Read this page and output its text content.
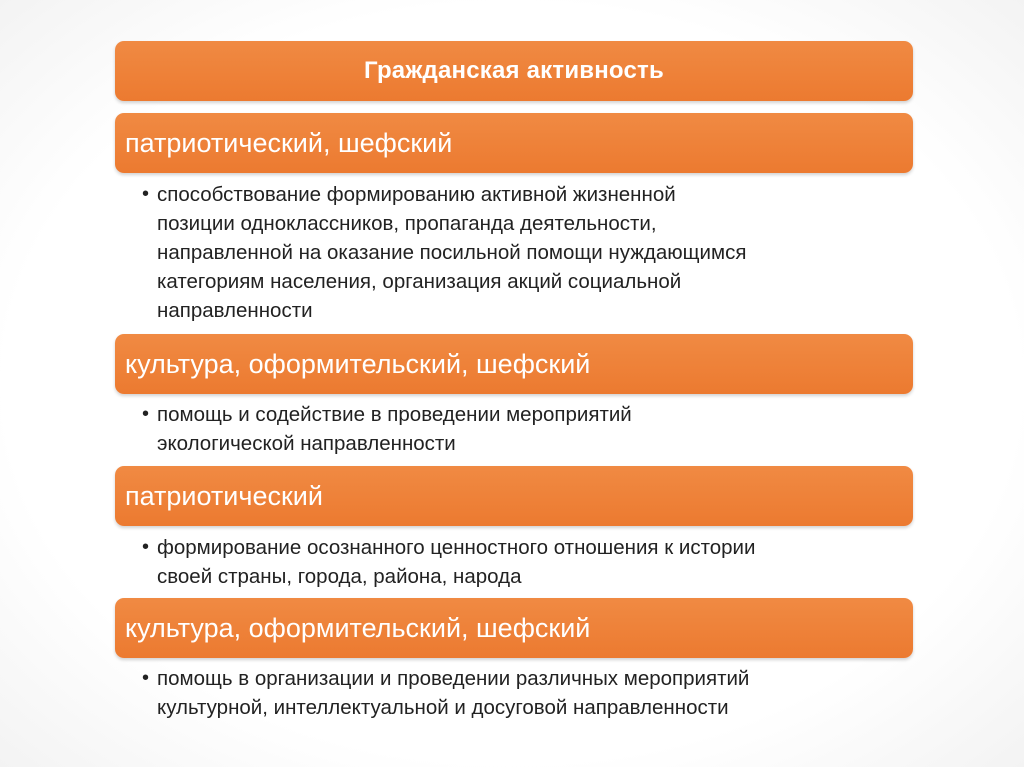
Гражданская активность
патриотический, шефский
• способствование формированию активной жизненной
позиции одноклассников, пропаганда деятельности,
направленной на оказание посильной помощи нуждающимся
категориям населения, организация акций социальной
направленности
культура, оформительский, шефский
• помощь и содействие в проведении мероприятий
экологической направленности
патриотический
• формирование осознанного ценностного отношения к истории
своей страны, города, района, народа
культура, оформительский, шефский
• помощь в организации и проведении различных мероприятий
культурной, интеллектуальной и досуговой направленности
